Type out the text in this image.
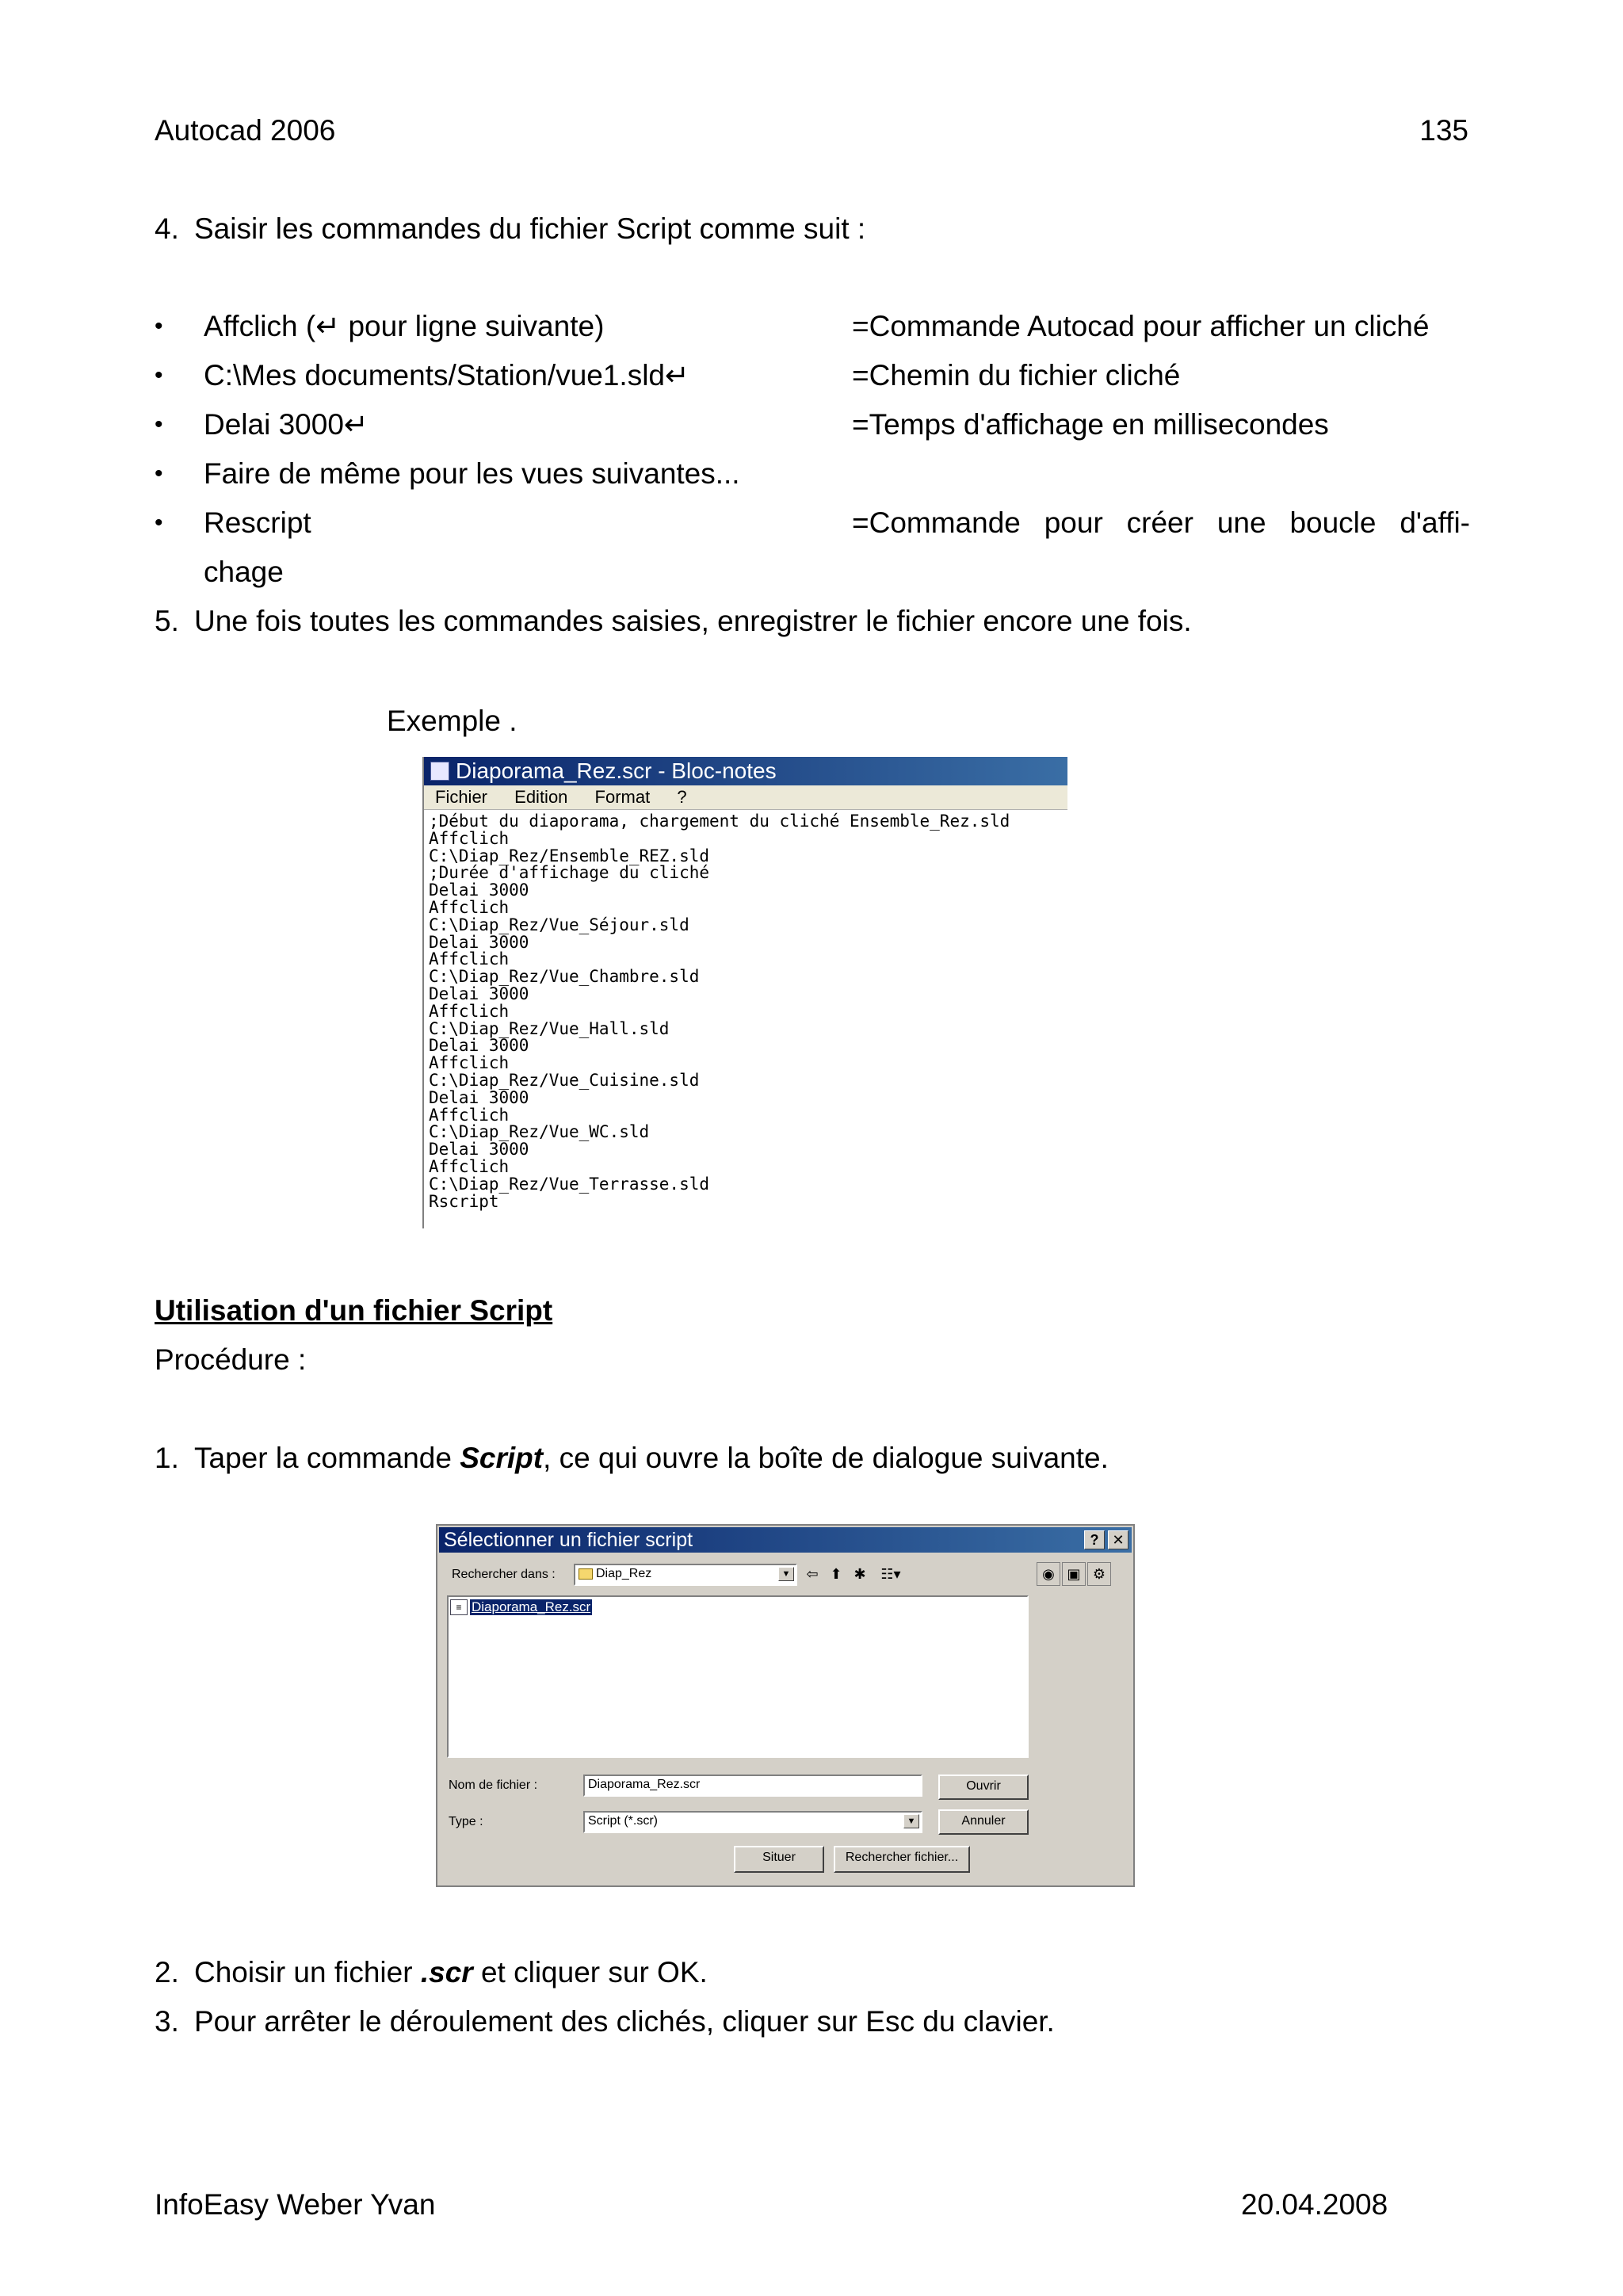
Autocad 2006	135
4. Saisir les commandes du fichier Script comme suit :
• Affclich (↵ pour ligne suivante)	=Commande Autocad pour afficher un cliché
• C:\Mes documents/Station/vue1.sld↵	=Chemin du fichier cliché
• Delai 3000↵	=Temps d'affichage en millisecondes
• Faire de même pour les vues suivantes...
• Rescript	=Commande pour créer une boucle d'affi-
chage
5. Une fois toutes les commandes saisies, enregistrer le fichier encore une fois.
Exemple .
Diaporama_Rez.scr - Bloc-notes
Fichier Edition Format ?
;Début du diaporama, chargement du cliché Ensemble_Rez.sld
Affclich
C:\Diap_Rez/Ensemble_REZ.sld
;Durée d'affichage du cliché
Delai 3000
Affclich
C:\Diap_Rez/Vue_Séjour.sld
Delai 3000
Affclich
C:\Diap_Rez/Vue_Chambre.sld
Delai 3000
Affclich
C:\Diap_Rez/Vue_Hall.sld
Delai 3000
Affclich
C:\Diap_Rez/Vue_Cuisine.sld
Delai 3000
Affclich
C:\Diap_Rez/Vue_WC.sld
Delai 3000
Affclich
C:\Diap_Rez/Vue_Terrasse.sld
Rscript
Utilisation d'un fichier Script
Procédure :
1. Taper la commande Script, ce qui ouvre la boîte de dialogue suivante.
Sélectionner un fichier script	? ✕
Rechercher dans :	Diap_Rez	▼	⇦ ⬆ ✱	☷▾	◉ ▣ ⚙
≡ Diaporama_Rez.scr
Nom de fichier :	Diaporama_Rez.scr	Ouvrir
Type :	Script (*.scr)	▼	Annuler
Situer	Rechercher fichier...
2. Choisir un fichier .scr et cliquer sur OK.
3. Pour arrêter le déroulement des clichés, cliquer sur Esc du clavier.
InfoEasy Weber Yvan	20.04.2008
